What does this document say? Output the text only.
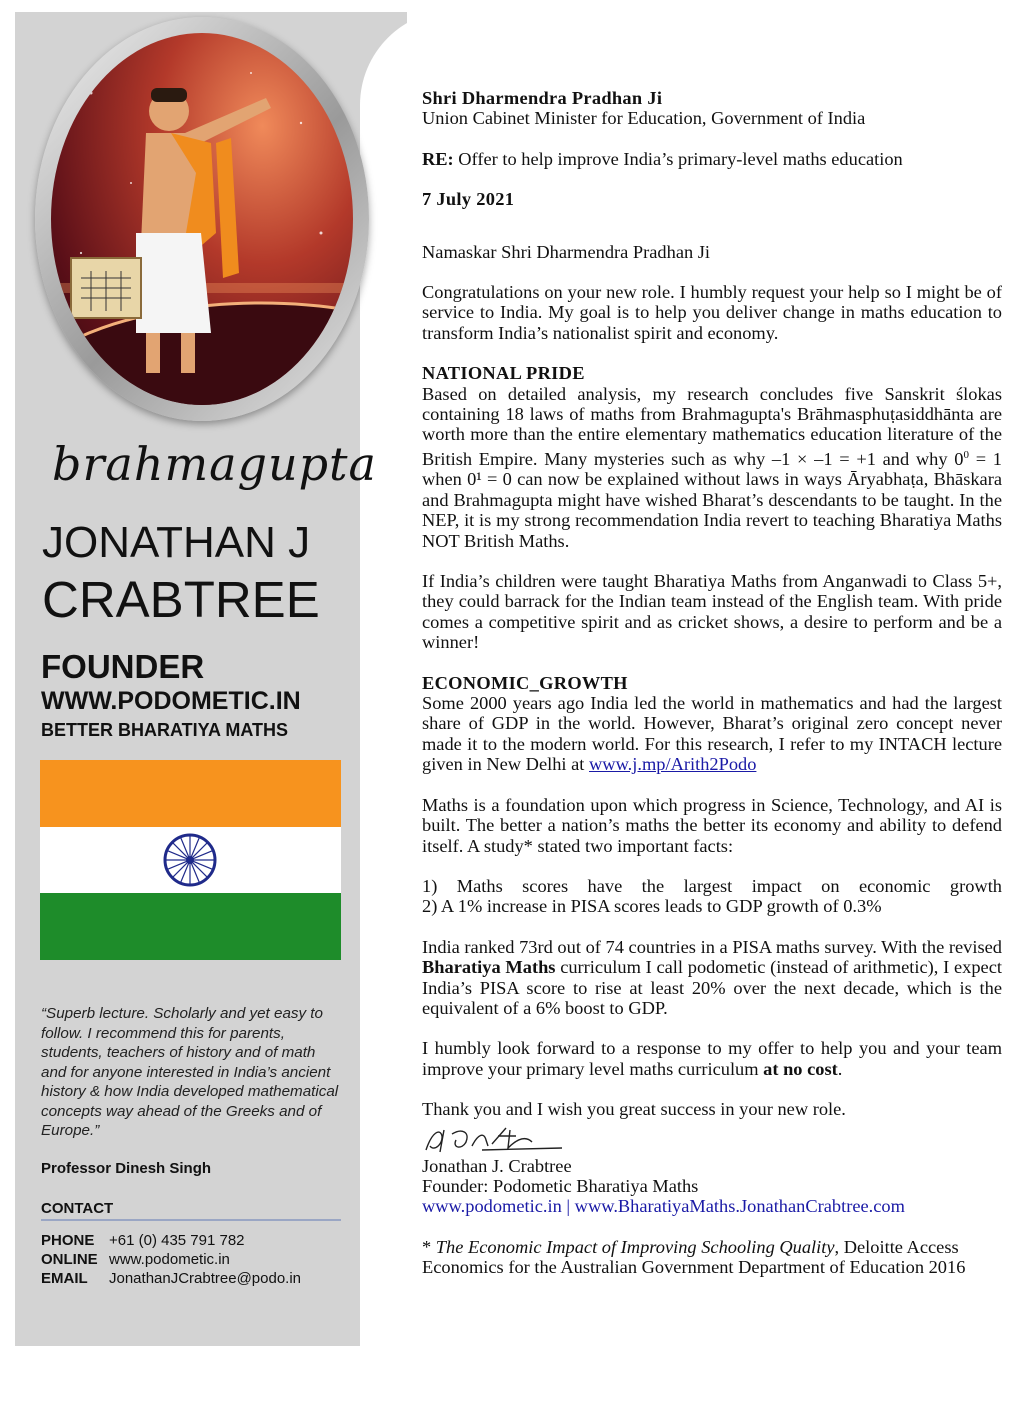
brahmagupta
JONATHAN J
CRABTREE
FOUNDER
WWW.PODOMETIC.IN
BETTER BHARATIYA MATHS
“Superb lecture. Scholarly and yet easy to follow. I recommend this for parents, students, teachers of history and of math and for anyone interested in India’s ancient history & how India developed mathematical concepts way ahead of the Greeks and of Europe.”
Professor Dinesh Singh
CONTACT
PHONE +61 (0) 435 791 782
ONLINE www.podometic.in
EMAIL JonathanJCrabtree@podo.in

Shri Dharmendra Pradhan Ji

Union Cabinet Minister for Education, Government of India

RE: Offer to help improve India’s primary-level maths education

7 July 2021

Namaskar Shri Dharmendra Pradhan Ji

Congratulations on your new role. I humbly request your help so I might be of service to India. My goal is to help you deliver change in maths education to transform India’s nationalist spirit and economy.

NATIONAL PRIDE

Based on detailed analysis, my research concludes five Sanskrit ślokas containing 18 laws of maths from Brahmagupta's Brāhmasphuṭasiddhānta are worth more than the entire elementary mathematics education literature of the British Empire. Many mysteries such as why –1 × –1 = +1 and why $0^0 = 1$ when 0¹ = 0 can now be explained without laws in ways Āryabhaṭa, Bhāskara and Brahmagupta might have wished Bharat’s descendants to be taught. In the NEP, it is my strong recommendation India revert to teaching Bharatiya Maths NOT British Maths.

If India’s children were taught Bharatiya Maths from Anganwadi to Class 5+, they could barrack for the Indian team instead of the English team. With pride comes a competitive spirit and as cricket shows, a desire to perform and be a winner!

ECONOMIC_GROWTH

Some 2000 years ago India led the world in mathematics and had the largest share of GDP in the world. However, Bharat’s original zero concept never made it to the modern world. For this research, I refer to my INTACH lecture given in New Delhi at www.j.mp/Arith2Podo

Maths is a foundation upon which progress in Science, Technology, and AI is built. The better a nation’s maths the better its economy and ability to defend itself. A study* stated two important facts:

1) Maths scores have the largest impact on economic growth

2) A 1% increase in PISA scores leads to GDP growth of 0.3%

India ranked 73rd out of 74 countries in a PISA maths survey. With the revised Bharatiya Maths curriculum I call podometic (instead of arithmetic), I expect India’s PISA score to rise at least 20% over the next decade, which is the equivalent of a 6% boost to GDP.

I humbly look forward to a response to my offer to help you and your team improve your primary level maths curriculum at no cost.

Thank you and I wish you great success in your new role.

Jonathan J. Crabtree

Founder: Podometic Bharatiya Maths

www.podometic.in | www.BharatiyaMaths.JonathanCrabtree.com

* The Economic Impact of Improving Schooling Quality, Deloitte Access Economics for the Australian Government Department of Education 2016
